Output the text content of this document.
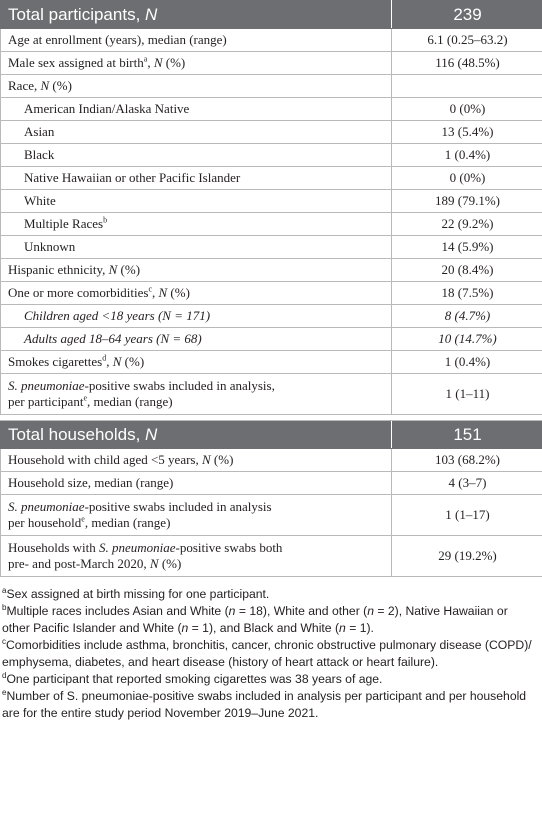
Total participants, N	239
Age at enrollment (years), median (range)	6.1 (0.25–63.2)
Male sex assigned at birth$^a$, N (%)	116 (48.5%)
Race, N (%)	
American Indian/Alaska Native	0 (0%)
Asian	13 (5.4%)
Black	1 (0.4%)
Native Hawaiian or other Pacific Islander	0 (0%)
White	189 (79.1%)
Multiple Races$^b$	22 (9.2%)
Unknown	14 (5.9%)
Hispanic ethnicity, N (%)	20 (8.4%)
One or more comorbidities$^c$, N (%)	18 (7.5%)
Children aged <18 years (N = 171)	8 (4.7%)
Adults aged 18–64 years (N = 68)	10 (14.7%)
Smokes cigarettes$^d$, N (%)	1 (0.4%)
S. pneumoniae-positive swabs included in analysis,
per participant$^e$, median (range)	1 (1–11)

Total households, N	151
Household with child aged <5 years, N (%)	103 (68.2%)
Household size, median (range)	4 (3–7)
S. pneumoniae-positive swabs included in analysis
per household$^e$, median (range)	1 (1–17)
Households with S. pneumoniae-positive swabs both
pre- and post-March 2020, N (%)	29 (19.2%)

$^a$Sex assigned at birth missing for one participant.

$^b$Multiple races includes Asian and White (n = 18), White and other (n = 2), Native Hawaiian or other Pacific Islander and White (n = 1), and Black and White (n = 1).

$^c$Comorbidities include asthma, bronchitis, cancer, chronic obstructive pulmonary disease (COPD)/ emphysema, diabetes, and heart disease (history of heart attack or heart failure).

$^d$One participant that reported smoking cigarettes was 38 years of age.

$^e$Number of S. pneumoniae-positive swabs included in analysis per participant and per household are for the entire study period November 2019–June 2021.
